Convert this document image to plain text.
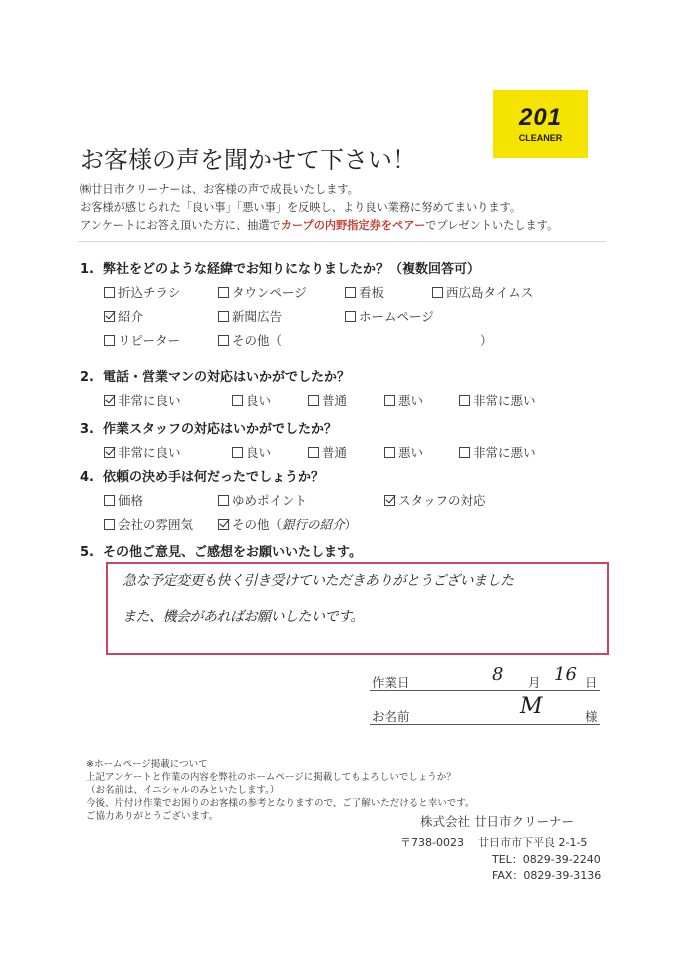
201
CLEANER
お客様の声を聞かせて下さい！
㈱廿日市クリーナーは、お客様の声で成長いたします。
お客様が感じられた「良い事」「悪い事」を反映し、より良い業務に努めてまいります。
アンケートにお答え頂いた方に、抽選でカープの内野指定券をペアーでプレゼントいたします。
1. 弊社をどのような経緯でお知りになりましたか？（複数回答可）
折込チラシ	タウンページ	看板	西広島タイムス
紹介	新聞広告	ホームページ
リピーター	その他（	）
2. 電話・営業マンの対応はいかがでしたか？
非常に良い	良い	普通	悪い	非常に悪い
3. 作業スタッフの対応はいかがでしたか？
非常に良い	良い	普通	悪い	非常に悪い
4. 依頼の決め手は何だったでしょうか？
価格	ゆめポイント	スタッフの対応
会社の雰囲気	その他（銀行の紹介）
5. その他ご意見、ご感想をお願いいたします。
急な予定変更も快く引き受けていただきありがとうございました
また、機会があればお願いしたいです。
作業日	8 月 16 日
お名前	M	様
※ホームページ掲載について
上記アンケートと作業の内容を弊社のホームページに掲載してもよろしいでしょうか？
（お名前は、イニシャルのみといたします。）
今後、片付け作業でお困りのお客様の参考となりますので、ご了解いただけると幸いです。
ご協力ありがとうございます。	株式会社 廿日市クリーナー
〒738-0023 廿日市市下平良 2-1-5
TEL：0829-39-2240
FAX：0829-39-3136
